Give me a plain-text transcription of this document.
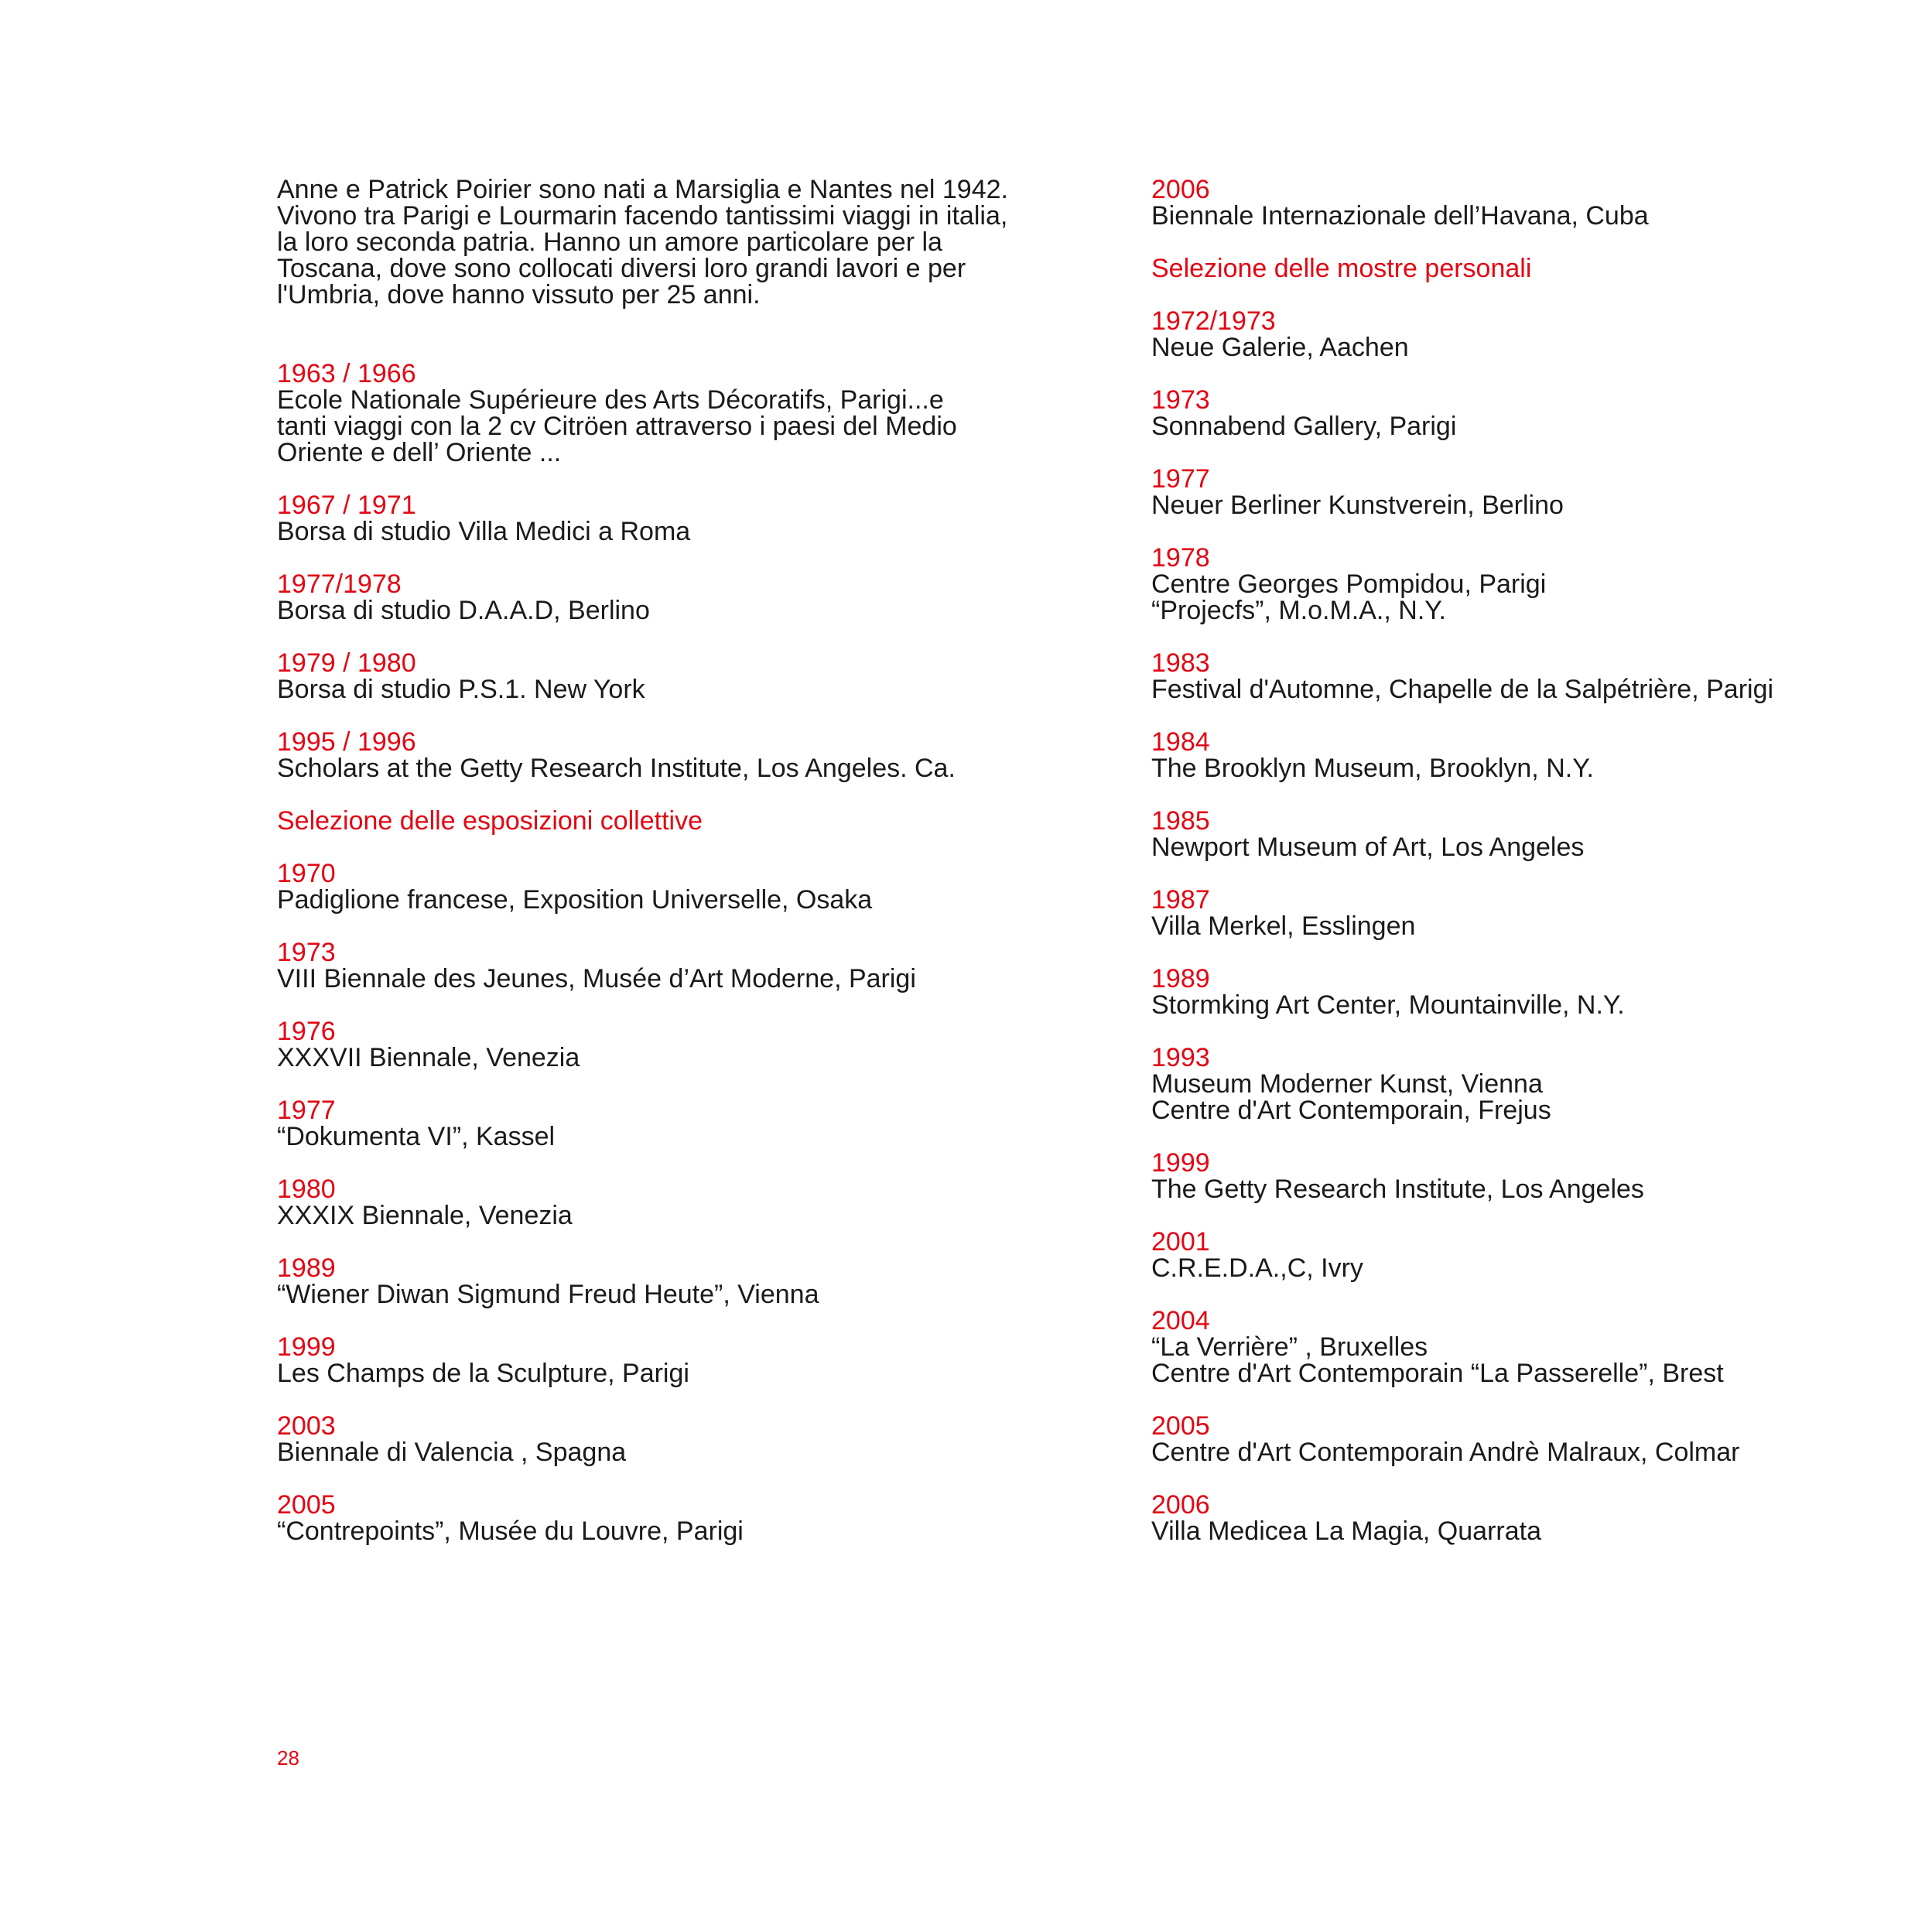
Anne e Patrick Poirier sono nati a Marsiglia e Nantes nel 1942.
Vivono tra Parigi e Lourmarin facendo tantissimi viaggi in italia,
la loro seconda patria. Hanno un amore particolare per la
Toscana, dove sono collocati diversi loro grandi lavori e per
l'Umbria, dove hanno vissuto per 25 anni.
1963 / 1966
Ecole Nationale Supérieure des Arts Décoratifs, Parigi...e
tanti viaggi con la 2 cv Citröen attraverso i paesi del Medio
Oriente e dell’ Oriente ...
1967 / 1971
Borsa di studio Villa Medici a Roma
1977/1978
Borsa di studio D.A.A.D, Berlino
1979 / 1980
Borsa di studio P.S.1. New York
1995 / 1996
Scholars at the Getty Research Institute, Los Angeles. Ca.
Selezione delle esposizioni collettive
1970
Padiglione francese, Exposition Universelle, Osaka
1973
VIII Biennale des Jeunes, Musée d’Art Moderne, Parigi
1976
XXXVII Biennale, Venezia
1977
“Dokumenta VI”, Kassel
1980
XXXIX Biennale, Venezia
1989
“Wiener Diwan Sigmund Freud Heute”, Vienna
1999
Les Champs de la Sculpture, Parigi
2003
Biennale di Valencia , Spagna
2005
“Contrepoints”, Musée du Louvre, Parigi
2006
Biennale Internazionale dell’Havana, Cuba
Selezione delle mostre personali
1972/1973
Neue Galerie, Aachen
1973
Sonnabend Gallery, Parigi
1977
Neuer Berliner Kunstverein, Berlino
1978
Centre Georges Pompidou, Parigi
“Projecfs”, M.o.M.A., N.Y.
1983
Festival d'Automne, Chapelle de la Salpétrière, Parigi
1984
The Brooklyn Museum, Brooklyn, N.Y.
1985
Newport Museum of Art, Los Angeles
1987
Villa Merkel, Esslingen
1989
Stormking Art Center, Mountainville, N.Y.
1993
Museum Moderner Kunst, Vienna
Centre d'Art Contemporain, Frejus
1999
The Getty Research Institute, Los Angeles
2001
C.R.E.D.A.,C, Ivry
2004
“La Verrière” , Bruxelles
Centre d'Art Contemporain “La Passerelle”, Brest
2005
Centre d'Art Contemporain Andrè Malraux, Colmar
2006
Villa Medicea La Magia, Quarrata
28
